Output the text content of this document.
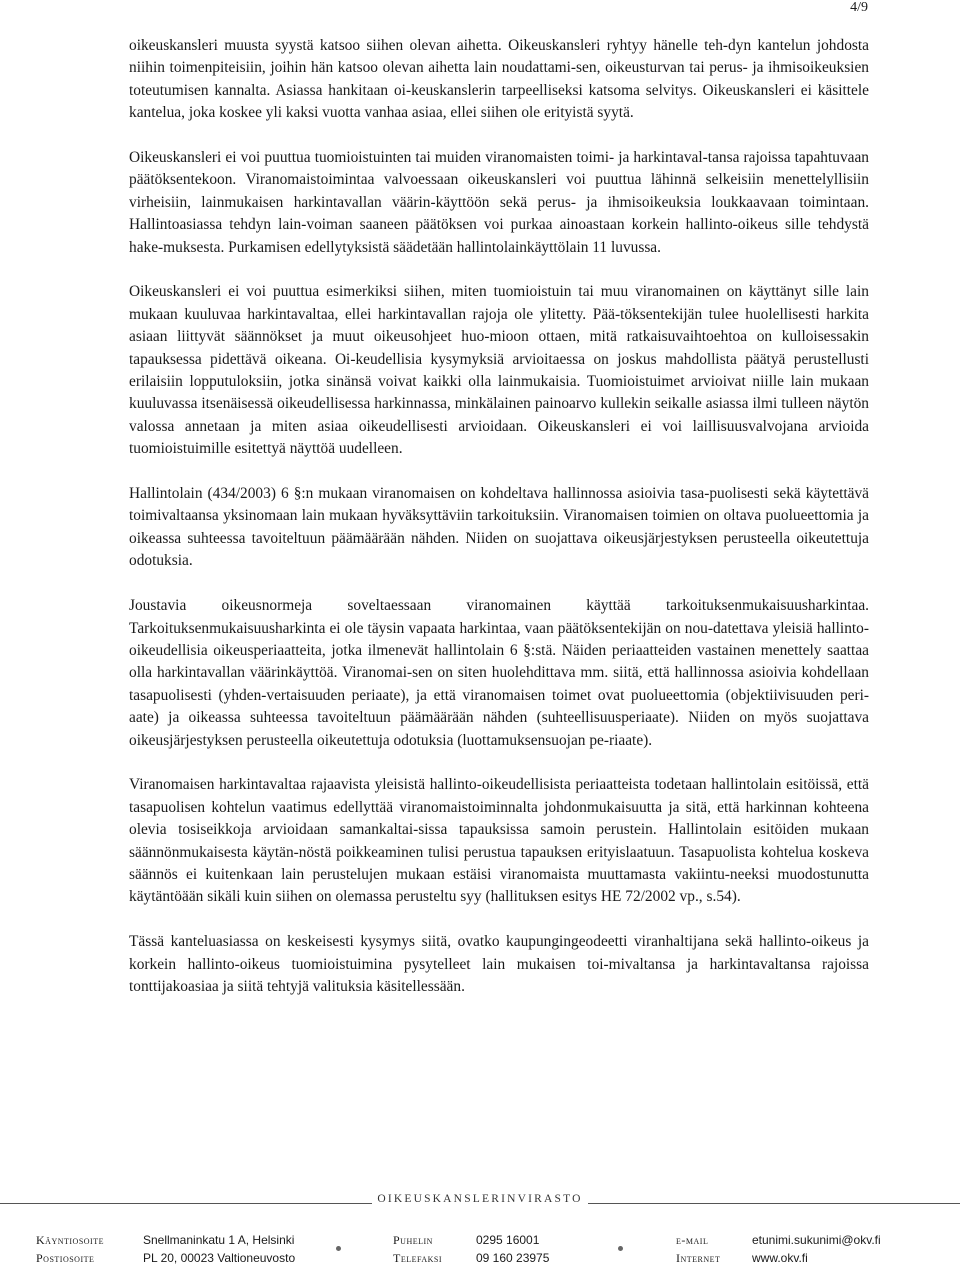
4/9

oikeuskansleri muusta syystä katsoo siihen olevan aihetta. Oikeuskansleri ryhtyy hänelle teh-dyn kantelun johdosta niihin toimenpiteisiin, joihin hän katsoo olevan aihetta lain noudattami-sen, oikeusturvan tai perus- ja ihmisoikeuksien toteutumisen kannalta. Asiassa hankitaan oi-keuskanslerin tarpeelliseksi katsoma selvitys. Oikeuskansleri ei käsittele kantelua, joka koskee yli kaksi vuotta vanhaa asiaa, ellei siihen ole erityistä syytä.

Oikeuskansleri ei voi puuttua tuomioistuinten tai muiden viranomaisten toimi- ja harkintaval-tansa rajoissa tapahtuvaan päätöksentekoon. Viranomaistoimintaa valvoessaan oikeuskansleri voi puuttua lähinnä selkeisiin menettelyllisiin virheisiin, lainmukaisen harkintavallan väärin-käyttöön sekä perus- ja ihmisoikeuksia loukkaavaan toimintaan. Hallintoasiassa tehdyn lain-voiman saaneen päätöksen voi purkaa ainoastaan korkein hallinto-oikeus sille tehdystä hake-muksesta. Purkamisen edellytyksistä säädetään hallintolainkäyttölain 11 luvussa.

Oikeuskansleri ei voi puuttua esimerkiksi siihen, miten tuomioistuin tai muu viranomainen on käyttänyt sille lain mukaan kuuluvaa harkintavaltaa, ellei harkintavallan rajoja ole ylitetty. Pää-töksentekijän tulee huolellisesti harkita asiaan liittyvät säännökset ja muut oikeusohjeet huo-mioon ottaen, mitä ratkaisuvaihtoehtoa on kulloisessakin tapauksessa pidettävä oikeana. Oi-keudellisia kysymyksiä arvioitaessa on joskus mahdollista päätyä perustellusti erilaisiin lopputuloksiin, jotka sinänsä voivat kaikki olla lainmukaisia. Tuomioistuimet arvioivat niille lain mukaan kuuluvassa itsenäisessä oikeudellisessa harkinnassa, minkälainen painoarvo kullekin seikalle asiassa ilmi tulleen näytön valossa annetaan ja miten asiaa oikeudellisesti arvioidaan. Oikeuskansleri ei voi laillisuusvalvojana arvioida tuomioistuimille esitettyä näyttöä uudelleen.

Hallintolain (434/2003) 6 §:n mukaan viranomaisen on kohdeltava hallinnossa asioivia tasa-puolisesti sekä käytettävä toimivaltaansa yksinomaan lain mukaan hyväksyttäviin tarkoituksiin. Viranomaisen toimien on oltava puolueettomia ja oikeassa suhteessa tavoiteltuun päämäärään nähden. Niiden on suojattava oikeusjärjestyksen perusteella oikeutettuja odotuksia.

Joustavia oikeusnormeja soveltaessaan viranomainen käyttää tarkoituksenmukaisuusharkintaa. Tarkoituksenmukaisuusharkinta ei ole täysin vapaata harkintaa, vaan päätöksentekijän on nou-datettava yleisiä hallinto-oikeudellisia oikeusperiaatteita, jotka ilmenevät hallintolain 6 §:stä. Näiden periaatteiden vastainen menettely saattaa olla harkintavallan väärinkäyttöä. Viranomai-sen on siten huolehdittava mm. siitä, että hallinnossa asioivia kohdellaan tasapuolisesti (yhden-vertaisuuden periaate), ja että viranomaisen toimet ovat puolueettomia (objektiivisuuden peri-aate) ja oikeassa suhteessa tavoiteltuun päämäärään nähden (suhteellisuusperiaate). Niiden on myös suojattava oikeusjärjestyksen perusteella oikeutettuja odotuksia (luottamuksensuojan pe-riaate).

Viranomaisen harkintavaltaa rajaavista yleisistä hallinto-oikeudellisista periaatteista todetaan hallintolain esitöissä, että tasapuolisen kohtelun vaatimus edellyttää viranomaistoiminnalta johdonmukaisuutta ja sitä, että harkinnan kohteena olevia tosiseikkoja arvioidaan samankaltai-sissa tapauksissa samoin perustein. Hallintolain esitöiden mukaan säännönmukaisesta käytän-nöstä poikkeaminen tulisi perustua tapauksen erityislaatuun. Tasapuolista kohtelua koskeva säännös ei kuitenkaan lain perustelujen mukaan estäisi viranomaista muuttamasta vakiintu-neeksi muodostunutta käytäntöään sikäli kuin siihen on olemassa perusteltu syy (hallituksen esitys HE 72/2002 vp., s.54).

Tässä kanteluasiassa on keskeisesti kysymys siitä, ovatko kaupungingeodeetti viranhaltijana sekä hallinto-oikeus ja korkein hallinto-oikeus tuomioistuimina pysytelleet lain mukaisen toi-mivaltansa ja harkintavaltansa rajoissa tonttijakoasiaa ja siitä tehtyjä valituksia käsitellessään.

OIKEUSKANSLERINVIRASTO
Käyntiosoite	Snellmaninkatu 1 A, Helsinki	Puhelin	0295 16001	e-mail	etunimi.sukunimi@okv.fi
Postiosoite	PL 20, 00023 Valtioneuvosto	Telefaksi	09 160 23975	Internet	www.okv.fi
